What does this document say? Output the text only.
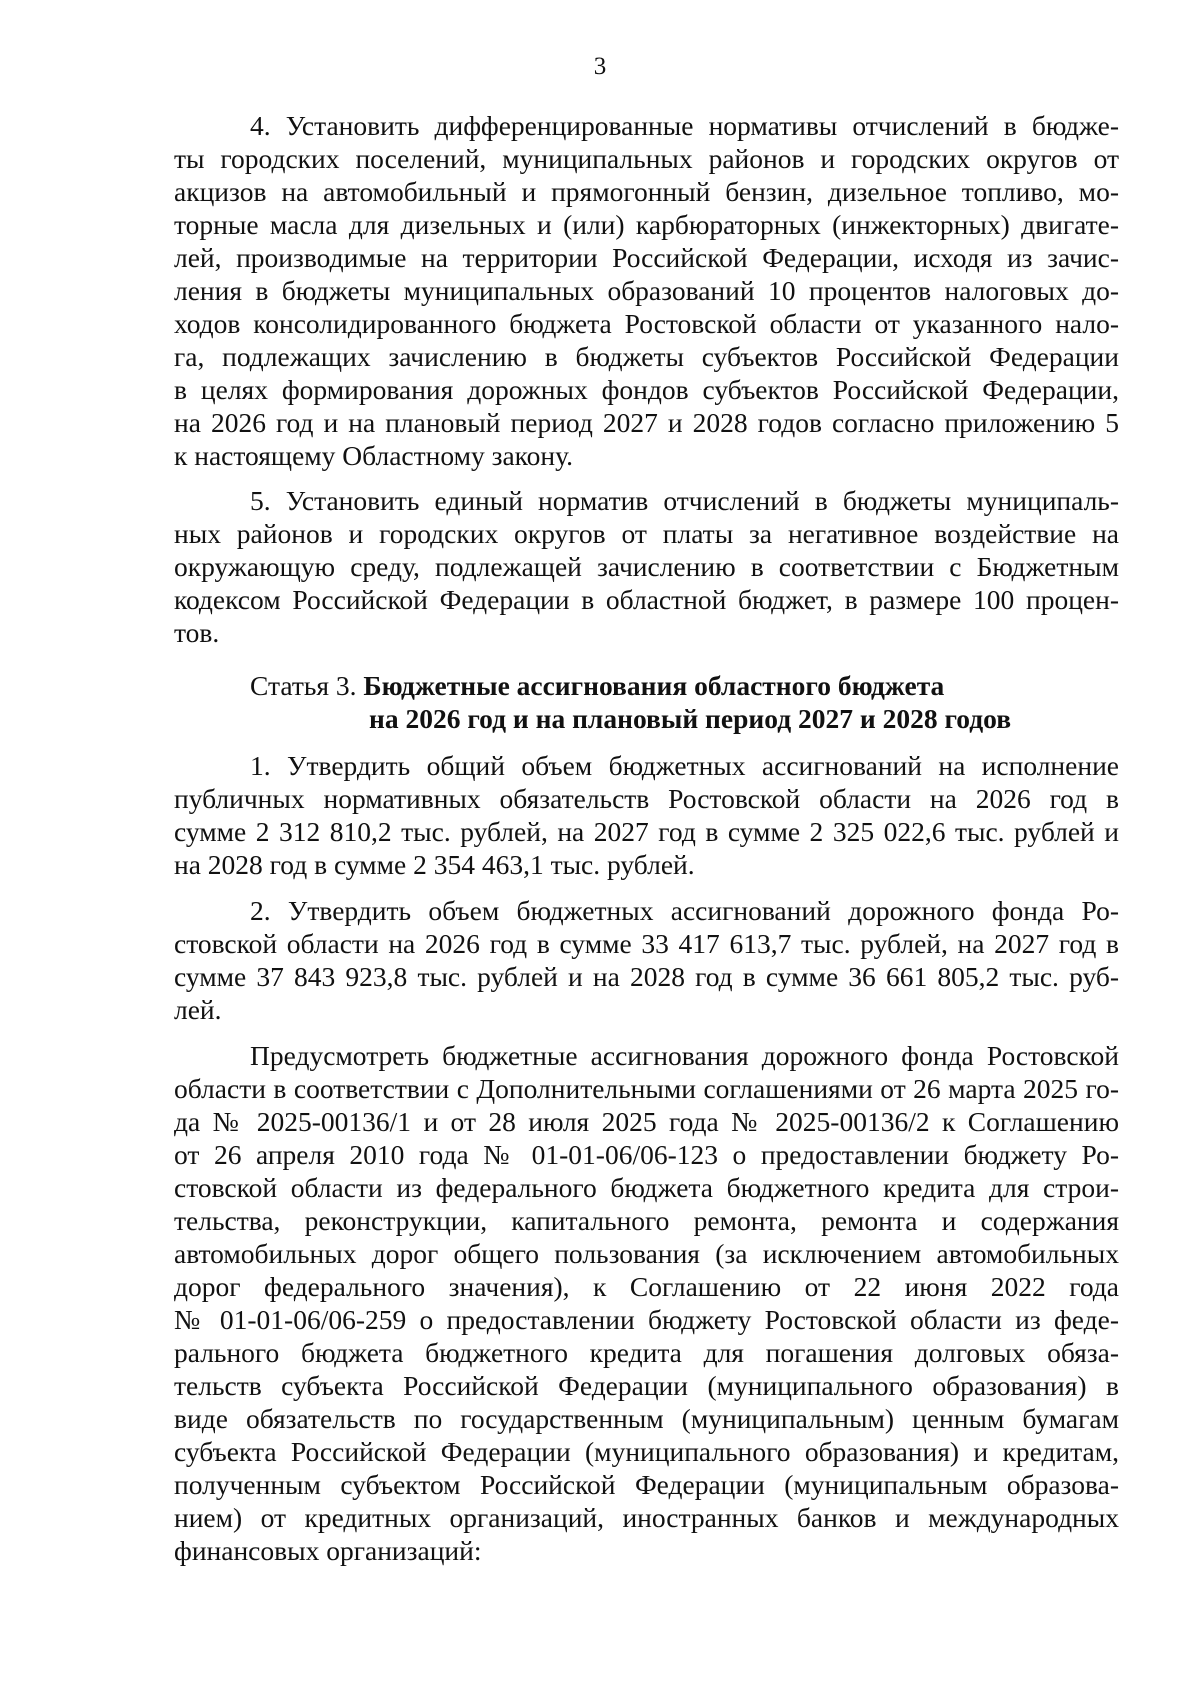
3
4. Установить дифференцированные нормативы отчислений в бюдже-
ты городских поселений, муниципальных районов и городских округов от
акцизов на автомобильный и прямогонный бензин, дизельное топливо, мо-
торные масла для дизельных и (или) карбюраторных (инжекторных) двигате-
лей, производимые на территории Российской Федерации, исходя из зачис-
ления в бюджеты муниципальных образований 10 процентов налоговых до-
ходов консолидированного бюджета Ростовской области от указанного нало-
га, подлежащих зачислению в бюджеты субъектов Российской Федерации
в целях формирования дорожных фондов субъектов Российской Федерации,
на 2026 год и на плановый период 2027 и 2028 годов согласно приложению 5
к настоящему Областному закону.
5. Установить единый норматив отчислений в бюджеты муниципаль-
ных районов и городских округов от платы за негативное воздействие на
окружающую среду, подлежащей зачислению в соответствии с Бюджетным
кодексом Российской Федерации в областной бюджет, в размере 100 процен-
тов.
Статья 3. Бюджетные ассигнования областного бюджета
на 2026 год и на плановый период 2027 и 2028 годов
1. Утвердить общий объем бюджетных ассигнований на исполнение
публичных нормативных обязательств Ростовской области на 2026 год в
сумме 2 312 810,2 тыс. рублей, на 2027 год в сумме 2 325 022,6 тыс. рублей и
на 2028 год в сумме 2 354 463,1 тыс. рублей.
2. Утвердить объем бюджетных ассигнований дорожного фонда Ро-
стовской области на 2026 год в сумме 33 417 613,7 тыс. рублей, на 2027 год в
сумме 37 843 923,8 тыс. рублей и на 2028 год в сумме 36 661 805,2 тыс. руб-
лей.
Предусмотреть бюджетные ассигнования дорожного фонда Ростовской
области в соответствии с Дополнительными соглашениями от 26 марта 2025 го-
да № 2025-00136/1 и от 28 июля 2025 года № 2025-00136/2 к Соглашению
от 26 апреля 2010 года № 01-01-06/06-123 о предоставлении бюджету Ро-
стовской области из федерального бюджета бюджетного кредита для строи-
тельства, реконструкции, капитального ремонта, ремонта и содержания
автомобильных дорог общего пользования (за исключением автомобильных
дорог федерального значения), к Соглашению от 22 июня 2022 года
№ 01-01-06/06-259 о предоставлении бюджету Ростовской области из феде-
рального бюджета бюджетного кредита для погашения долговых обяза-
тельств субъекта Российской Федерации (муниципального образования) в
виде обязательств по государственным (муниципальным) ценным бумагам
субъекта Российской Федерации (муниципального образования) и кредитам,
полученным субъектом Российской Федерации (муниципальным образова-
нием) от кредитных организаций, иностранных банков и международных
финансовых организаций:
